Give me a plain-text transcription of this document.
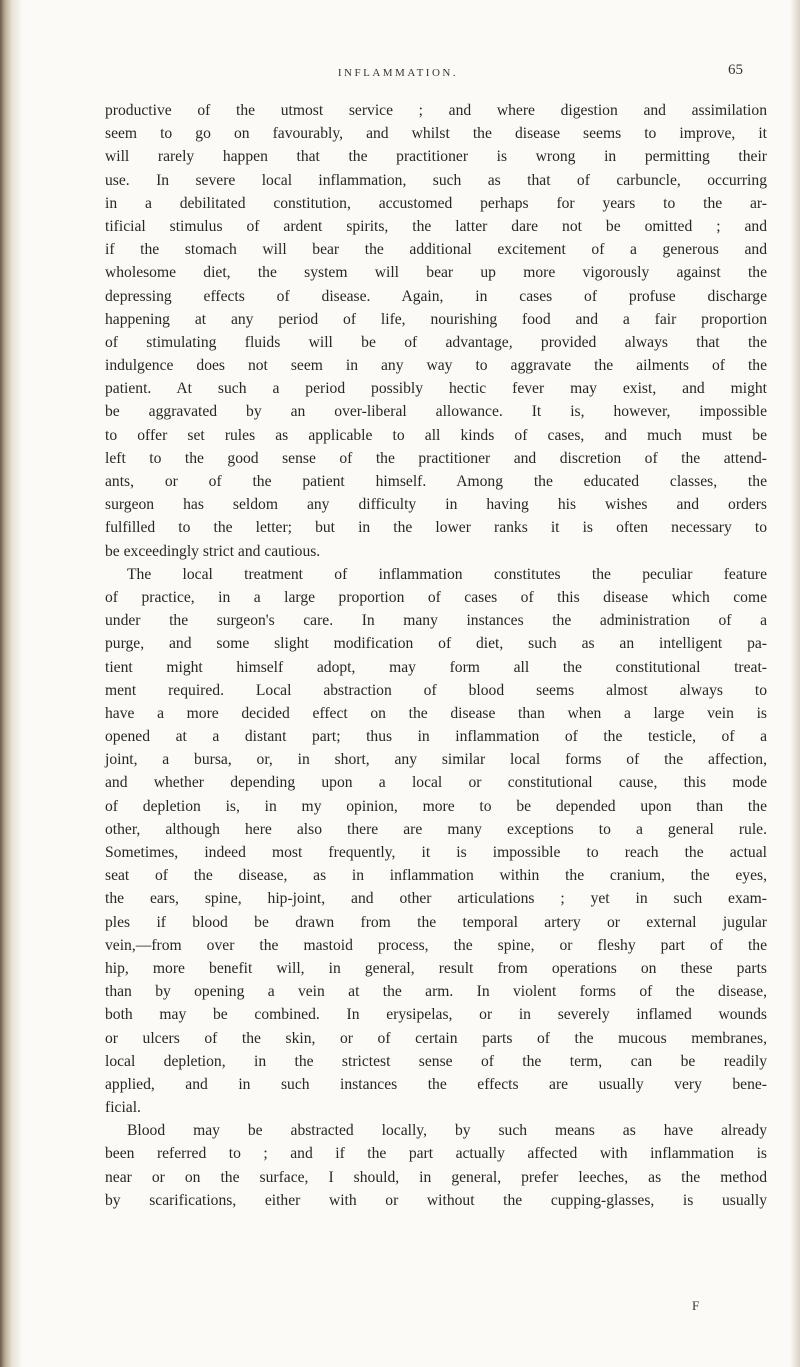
INFLAMMATION.	65
productive of the utmost service ; and where digestion and assimilation
seem to go on favourably, and whilst the disease seems to improve, it
will rarely happen that the practitioner is wrong in permitting their
use. In severe local inflammation, such as that of carbuncle, occurring
in a debilitated constitution, accustomed perhaps for years to the ar-
tificial stimulus of ardent spirits, the latter dare not be omitted ; and
if the stomach will bear the additional excitement of a generous and
wholesome diet, the system will bear up more vigorously against the
depressing effects of disease. Again, in cases of profuse discharge
happening at any period of life, nourishing food and a fair proportion
of stimulating fluids will be of advantage, provided always that the
indulgence does not seem in any way to aggravate the ailments of the
patient. At such a period possibly hectic fever may exist, and might
be aggravated by an over-liberal allowance. It is, however, impossible
to offer set rules as applicable to all kinds of cases, and much must be
left to the good sense of the practitioner and discretion of the attend-
ants, or of the patient himself. Among the educated classes, the
surgeon has seldom any difficulty in having his wishes and orders
fulfilled to the letter; but in the lower ranks it is often necessary to
be exceedingly strict and cautious.
The local treatment of inflammation constitutes the peculiar feature
of practice, in a large proportion of cases of this disease which come
under the surgeon's care. In many instances the administration of a
purge, and some slight modification of diet, such as an intelligent pa-
tient might himself adopt, may form all the constitutional treat-
ment required. Local abstraction of blood seems almost always to
have a more decided effect on the disease than when a large vein is
opened at a distant part; thus in inflammation of the testicle, of a
joint, a bursa, or, in short, any similar local forms of the affection,
and whether depending upon a local or constitutional cause, this mode
of depletion is, in my opinion, more to be depended upon than the
other, although here also there are many exceptions to a general rule.
Sometimes, indeed most frequently, it is impossible to reach the actual
seat of the disease, as in inflammation within the cranium, the eyes,
the ears, spine, hip-joint, and other articulations ; yet in such exam-
ples if blood be drawn from the temporal artery or external jugular
vein,—from over the mastoid process, the spine, or fleshy part of the
hip, more benefit will, in general, result from operations on these parts
than by opening a vein at the arm. In violent forms of the disease,
both may be combined. In erysipelas, or in severely inflamed wounds
or ulcers of the skin, or of certain parts of the mucous membranes,
local depletion, in the strictest sense of the term, can be readily
applied, and in such instances the effects are usually very bene-
ficial.
Blood may be abstracted locally, by such means as have already
been referred to ; and if the part actually affected with inflammation is
near or on the surface, I should, in general, prefer leeches, as the method
by scarifications, either with or without the cupping-glasses, is usually
F
